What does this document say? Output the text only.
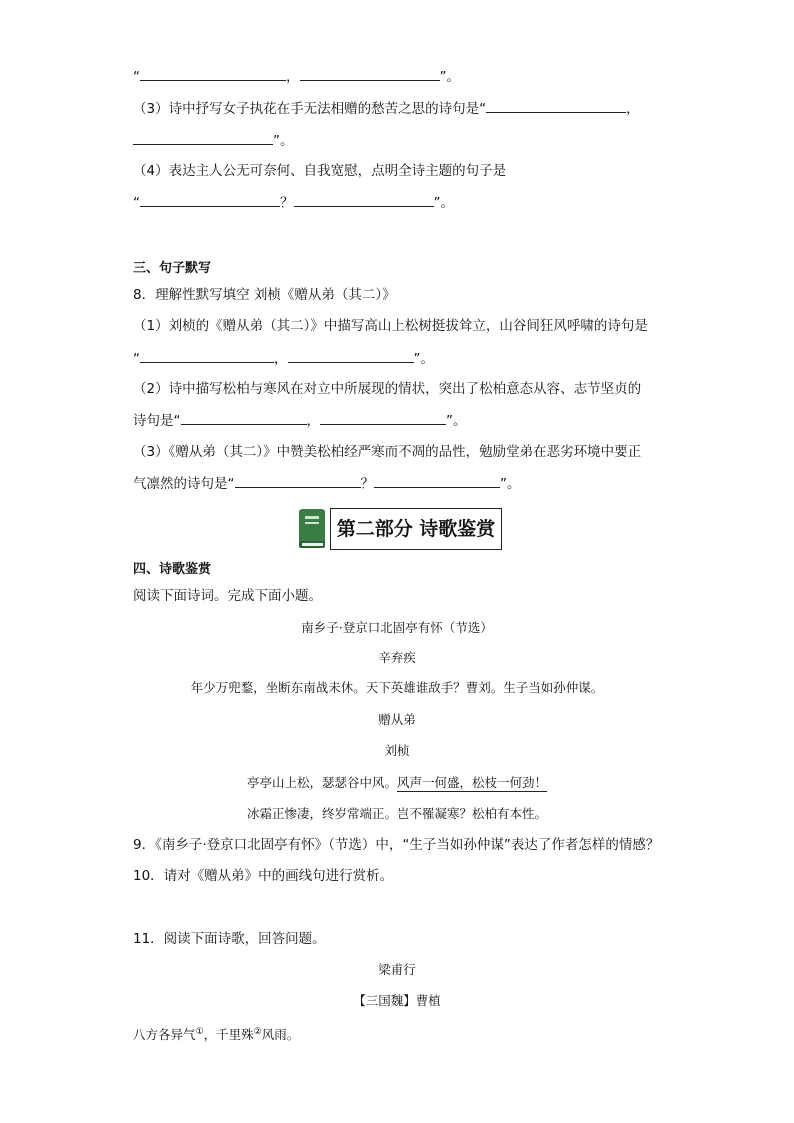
“	，	”。
（3）诗中抒写女子执花在手无法相赠的愁苦之思的诗句是“	，
”。
（4）表达主人公无可奈何、自我宽慰，点明全诗主题的句子是
“	？	”。
三、句子默写
8．理解性默写填空 刘桢《赠从弟（其二）》
（1）刘桢的《赠从弟（其二）》中描写高山上松树挺拔耸立，山谷间狂风呼啸的诗句是
“	，	”。
（2）诗中描写松柏与寒风在对立中所展现的情状，突出了松柏意态从容、志节坚贞的
诗句是“	，	”。
（3）《赠从弟（其二）》中赞美松柏经严寒而不凋的品性，勉励堂弟在恶劣环境中要正
气凛然的诗句是“	？	”。
第二部分 诗歌鉴赏
四、诗歌鉴赏
阅读下面诗词。完成下面小题。
南乡子·登京口北固亭有怀（节选）
辛弃疾
年少万兜鍪，坐断东南战未休。天下英雄谁敌手？曹刘。生子当如孙仲谋。
赠从弟
刘桢
亭亭山上松，瑟瑟谷中风。风声一何盛，松枝一何劲！
冰霜正惨凄，终岁常端正。岂不罹凝寒？松柏有本性。
9．《南乡子·登京口北固亭有怀》（节选）中，“生子当如孙仲谋”表达了作者怎样的情感？
10．请对《赠从弟》中的画线句进行赏析。
11．阅读下面诗歌，回答问题。
梁甫行
【三国魏】曹植
八方各异气①，千里殊②风雨。
